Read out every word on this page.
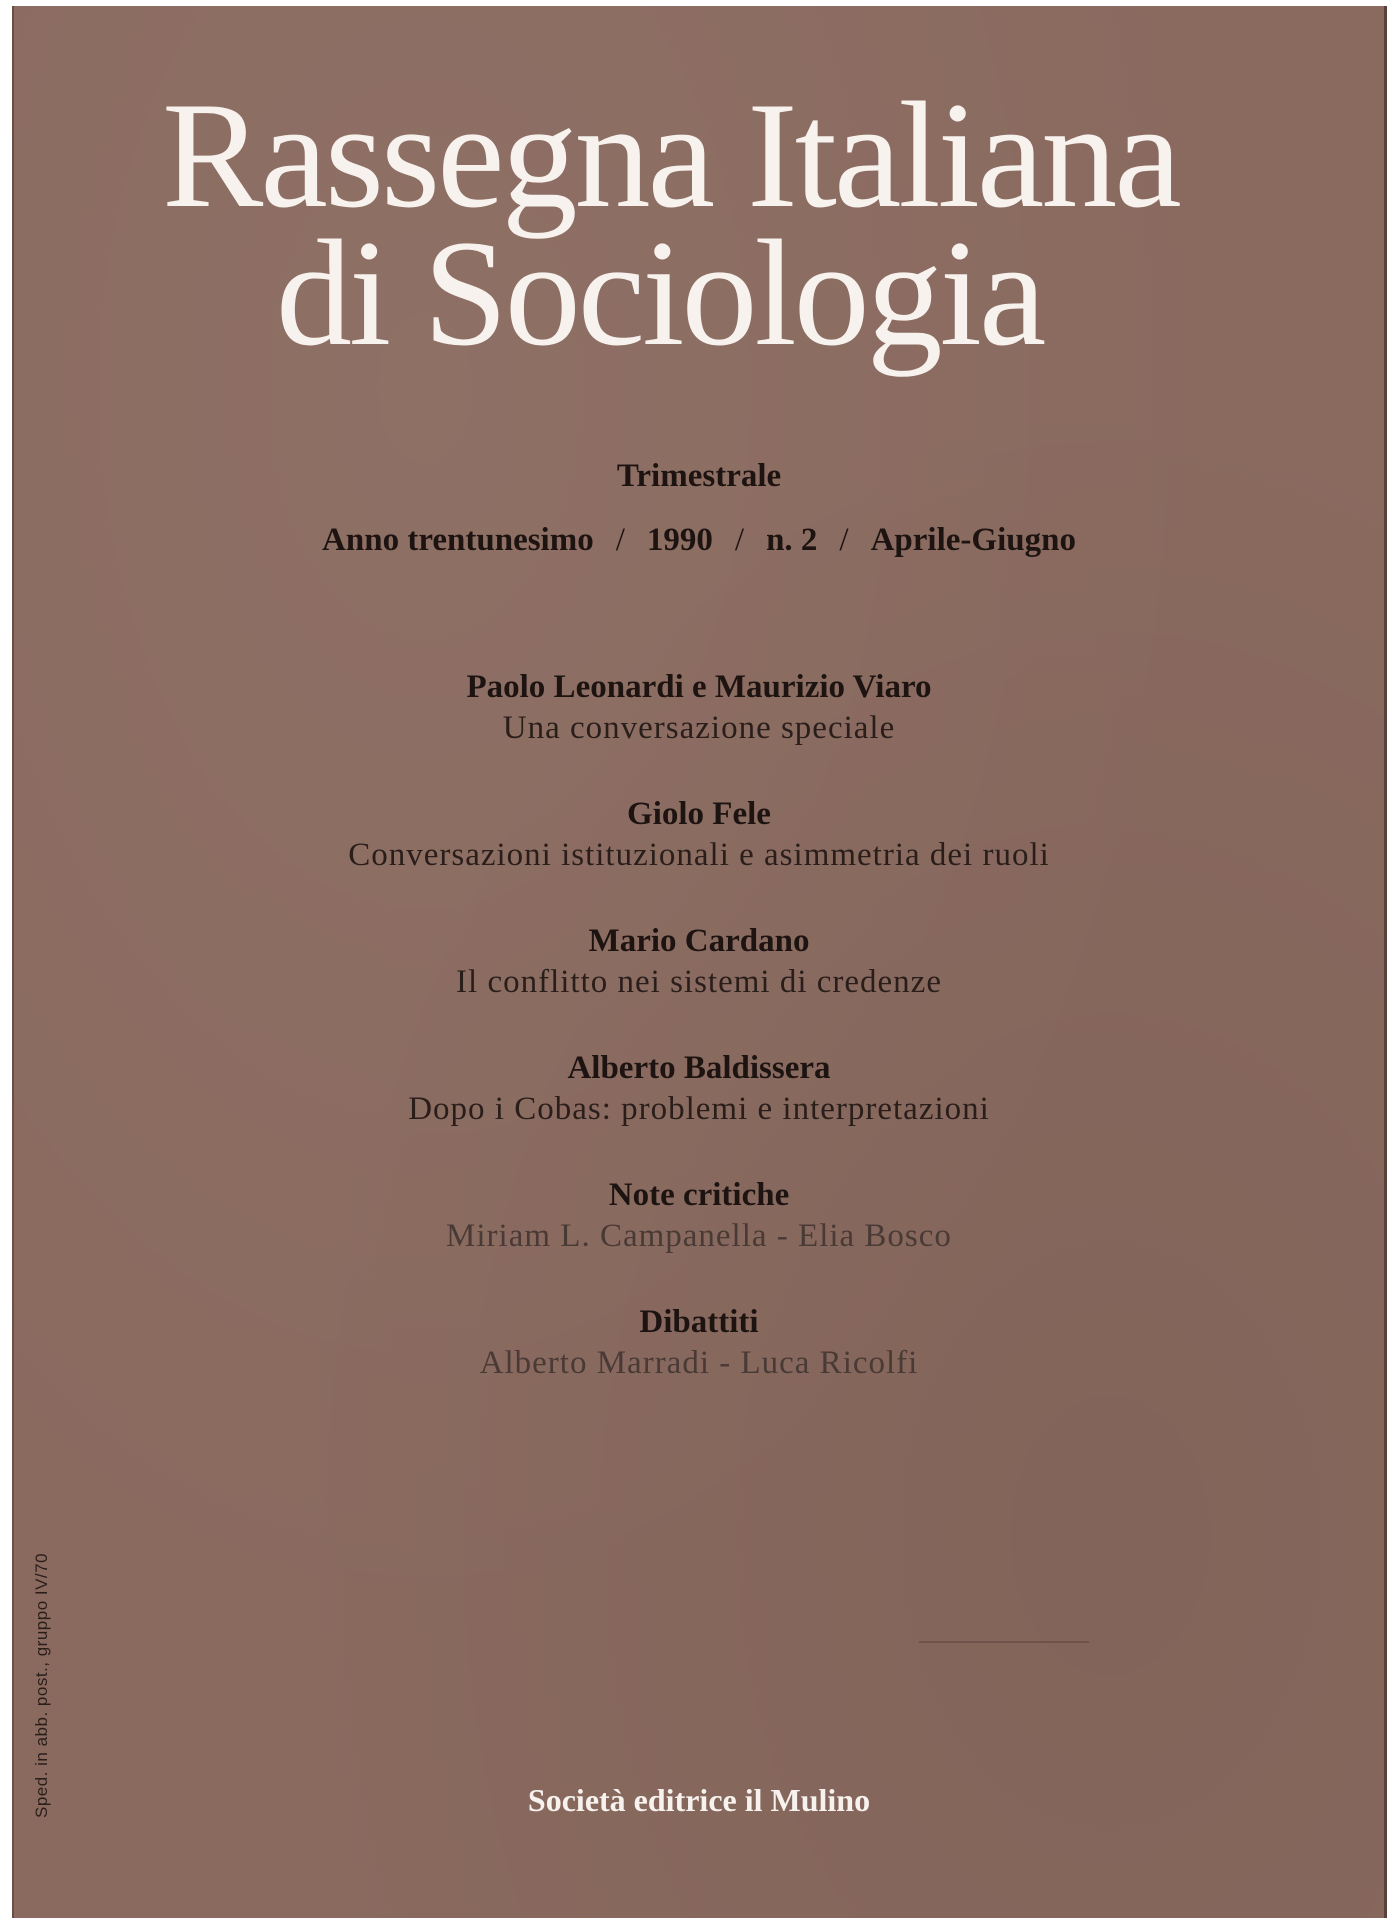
Rassegna Italiana
di Sociologia
Trimestrale
Anno trentunesimo / 1990 / n. 2 / Aprile-Giugno
Paolo Leonardi e Maurizio Viaro
Una conversazione speciale
Giolo Fele
Conversazioni istituzionali e asimmetria dei ruoli
Mario Cardano
Il conflitto nei sistemi di credenze
Alberto Baldissera
Dopo i Cobas: problemi e interpretazioni
Note critiche
Miriam L. Campanella - Elia Bosco
Dibattiti
Alberto Marradi - Luca Ricolfi
Sped. in abb. post., gruppo IV/70	Società editrice il Mulino
